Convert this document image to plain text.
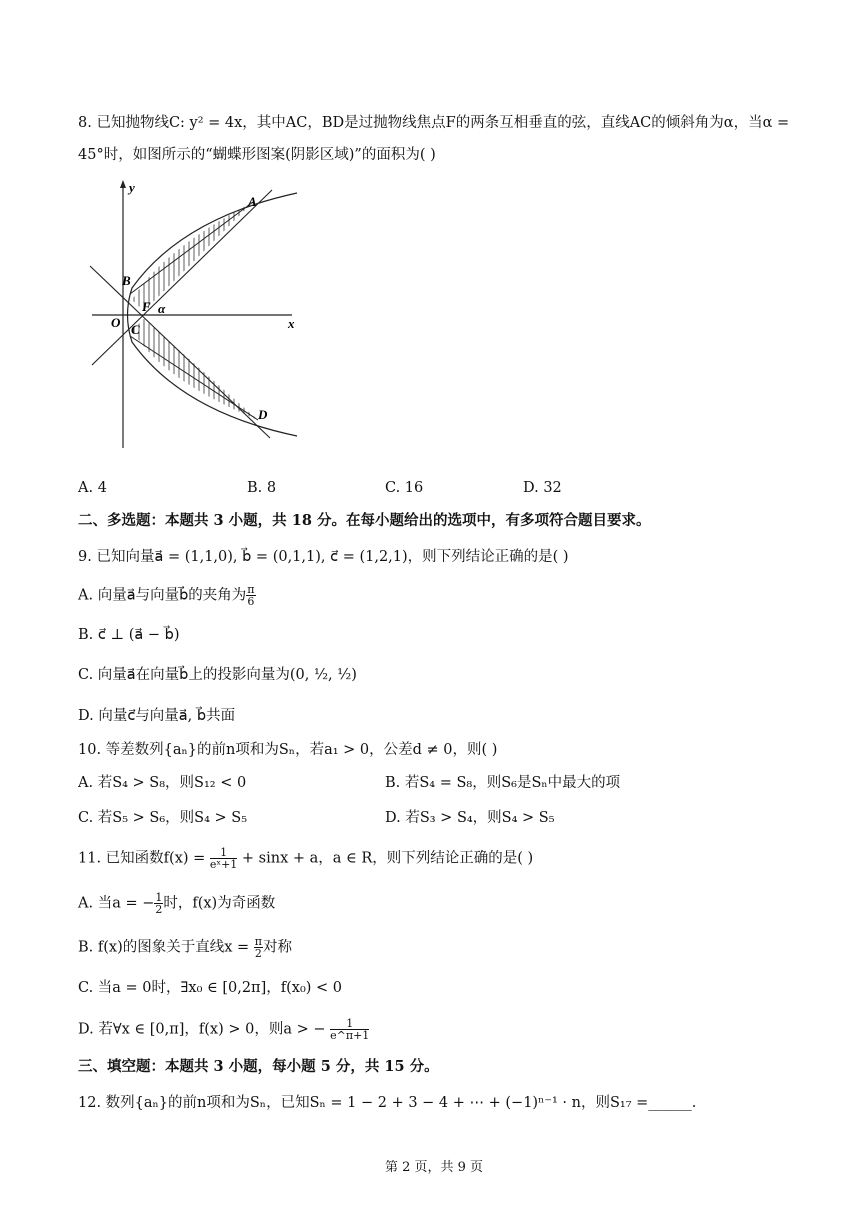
8. 已知抛物线C: y² = 4x，其中AC，BD是过抛物线焦点F的两条互相垂直的弦，直线AC的倾斜角为α，当α =
45°时，如图所示的“蝴蝶形图案(阴影区域)”的面积为( )
y
x
A
B
O
F α
C
D
A. 4	B. 8	C. 16	D. 32
二、多选题：本题共 3 小题，共 18 分。在每小题给出的选项中，有多项符合题目要求。
9. 已知向量a⃗ = (1,1,0), b⃗ = (0,1,1), c⃗ = (1,2,1)，则下列结论正确的是( )
A. 向量a⃗与向量b⃗的夹角为 $\frac{\pi}{6}$
B. c⃗ ⊥ (a⃗ − b⃗)
C. 向量a⃗在向量b⃗上的投影向量为(0, ½, ½)
D. 向量c⃗与向量a⃗, b⃗共面
10. 等差数列{aₙ}的前n项和为Sₙ，若a₁ > 0，公差d ≠ 0，则( )
A. 若S₄ > S₈，则S₁₂ < 0	B. 若S₄ = S₈，则S₆是Sₙ中最大的项
C. 若S₅ > S₆，则S₄ > S₅	D. 若S₃ > S₄，则S₄ > S₅
11. 已知函数$f(x) = \frac{1}{\text{eˣ+1}} + \sin x + a$，a ∈ R，则下列结论正确的是( )
A. 当a = − $\frac{1}{2}$ 时，f(x)为奇函数
B. f(x)的图象关于直线$x = \frac{\pi}{2}$ 对称
C. 当a = 0时，∃x₀ ∈ [0,2π]，f(x₀) < 0
D. 若∀x ∈ [0,π]，f(x) > 0，则a > − $\frac{1}{e\^{}\pi+1}$
三、填空题：本题共 3 小题，每小题 5 分，共 15 分。
12. 数列{aₙ}的前n项和为Sₙ，已知Sₙ = 1 − 2 + 3 − 4 + ⋯ + (−1)ⁿ⁻¹ · n，则S₁₇ =______.
第 2 页，共 9 页
